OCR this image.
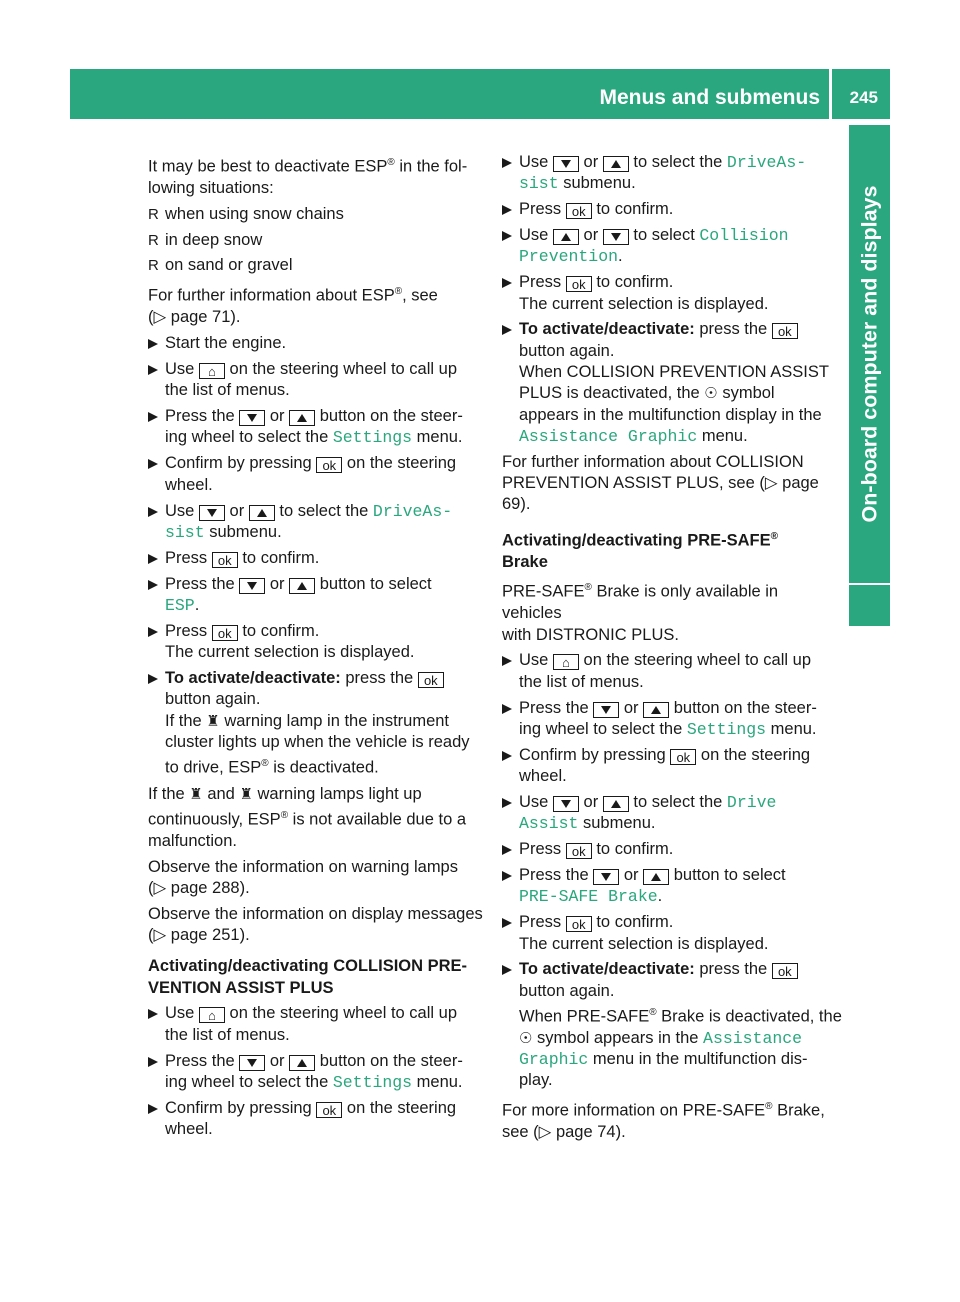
Menus and submenus 245
On-board computer and displays

It may be best to deactivate ESP® in the fol-
lowing situations:

R when using snow chains

R in deep snow

R on sand or gravel

For further information about ESP®, see
(▷ page 71).

Start the engine.

Use ⌂ on the steering wheel to call up
the list of menus.

Press the  or  button on the steer-
ing wheel to select the Settings menu.

Confirm by pressing ok on the steering
wheel.

Use  or  to select the DriveAs‐
sist submenu.

Press ok to confirm.

Press the  or  button to select
ESP.

Press ok to confirm.
The current selection is displayed.

To activate/deactivate: press the ok
button again.
If the ♜ warning lamp in the instrument
cluster lights up when the vehicle is ready
to drive, ESP® is deactivated.

If the ♜ and ♜ warning lamps light up
continuously, ESP® is not available due to a
malfunction.

Observe the information on warning lamps
(▷ page 288).

Observe the information on display messages
(▷ page 251).

Activating/deactivating COLLISION PRE-
VENTION ASSIST PLUS

Use ⌂ on the steering wheel to call up
the list of menus.

Press the  or  button on the steer-
ing wheel to select the Settings menu.

Confirm by pressing ok on the steering
wheel.

Use  or  to select the DriveAs‐
sist submenu.

Press ok to confirm.

Use  or  to select Collision
Prevention.

Press ok to confirm.
The current selection is displayed.

To activate/deactivate: press the ok
button again.
When COLLISION PREVENTION ASSIST
PLUS is deactivated, the ☉ symbol
appears in the multifunction display in the
Assistance Graphic menu.

For further information about COLLISION
PREVENTION ASSIST PLUS, see (▷ page 69).

Activating/deactivating PRE-SAFE®
Brake

PRE-SAFE® Brake is only available in vehicles
with DISTRONIC PLUS.

Use ⌂ on the steering wheel to call up
the list of menus.

Press the  or  button on the steer-
ing wheel to select the Settings menu.

Confirm by pressing ok on the steering
wheel.

Use  or  to select the Drive
Assist submenu.

Press ok to confirm.

Press the  or  button to select
PRE-SAFE Brake.

Press ok to confirm.
The current selection is displayed.

To activate/deactivate: press the ok
button again.
When PRE-SAFE® Brake is deactivated, the
☉ symbol appears in the Assistance
Graphic menu in the multifunction dis-
play.

For more information on PRE-SAFE® Brake,
see (▷ page 74).
